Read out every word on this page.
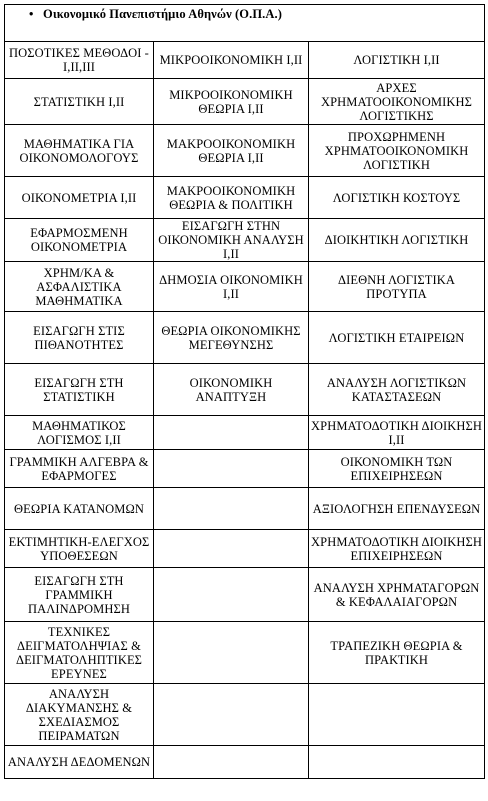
• Οικονομικό Πανεπιστήμιο Αθηνών (Ο.Π.Α.)		
ΠΟΣΟΤΙΚΕΣ ΜΕΘΟΔΟΙ - Ι,ΙΙ,ΙΙΙ	ΜΙΚΡΟΟΙΚΟΝΟΜΙΚΗ Ι,ΙΙ	ΛΟΓΙΣΤΙΚΗ Ι,ΙΙ
ΣΤΑΤΙΣΤΙΚΗ Ι,ΙΙ	ΜΙΚΡΟΟΙΚΟΝΟΜΙΚΗ ΘΕΩΡΙΑ Ι,ΙΙ	ΑΡΧΕΣ ΧΡΗΜΑΤΟΟΙΚΟΝΟΜΙΚΗΣ ΛΟΓΙΣΤΙΚΗΣ
ΜΑΘΗΜΑΤΙΚΑ ΓΙΑ ΟΙΚΟΝΟΜΟΛΟΓΟΥΣ	ΜΑΚΡΟΟΙΚΟΝΟΜΙΚΗ ΘΕΩΡΙΑ Ι,ΙΙ	ΠΡΟΧΩΡΗΜΕΝΗ ΧΡΗΜΑΤΟΟΙΚΟΝΟΜΙΚΗ ΛΟΓΙΣΤΙΚΗ
ΟΙΚΟΝΟΜΕΤΡΙΑ Ι,ΙΙ	ΜΑΚΡΟΟΙΚΟΝΟΜΙΚΗ ΘΕΩΡΙΑ & ΠΟΛΙΤΙΚΗ	ΛΟΓΙΣΤΙΚΗ ΚΟΣΤΟΥΣ
ΕΦΑΡΜΟΣΜΕΝΗ ΟΙΚΟΝΟΜΕΤΡΙΑ	ΕΙΣΑΓΩΓΗ ΣΤΗΝ ΟΙΚΟΝΟΜΙΚΗ ΑΝΑΛΥΣΗ Ι,ΙΙ	ΔΙΟΙΚΗΤΙΚΗ ΛΟΓΙΣΤΙΚΗ
ΧΡΗΜ/ΚΑ & ΑΣΦΑΛΙΣΤΙΚΑ ΜΑΘΗΜΑΤΙΚΑ	ΔΗΜΟΣΙΑ ΟΙΚΟΝΟΜΙΚΗ Ι,ΙΙ	ΔΙΕΘΝΗ ΛΟΓΙΣΤΙΚΑ ΠΡΟΤΥΠΑ
ΕΙΣΑΓΩΓΗ ΣΤΙΣ ΠΙΘΑΝΟΤΗΤΕΣ	ΘΕΩΡΙΑ ΟΙΚΟΝΟΜΙΚΗΣ ΜΕΓΕΘΥΝΣΗΣ	ΛΟΓΙΣΤΙΚΗ ΕΤΑΙΡΕΙΩΝ
ΕΙΣΑΓΩΓΗ ΣΤΗ ΣΤΑΤΙΣΤΙΚΗ	ΟΙΚΟΝΟΜΙΚΗ ΑΝΑΠΤΥΞΗ	ΑΝΑΛΥΣΗ ΛΟΓΙΣΤΙΚΩΝ ΚΑΤΑΣΤΑΣΕΩΝ
ΜΑΘΗΜΑΤΙΚΟΣ ΛΟΓΙΣΜΟΣ Ι,ΙΙ		ΧΡΗΜΑΤΟΔΟΤΙΚΗ ΔΙΟΙΚΗΣΗ Ι,ΙΙ
ΓΡΑΜΜΙΚΗ ΑΛΓΕΒΡΑ & ΕΦΑΡΜΟΓΕΣ		ΟΙΚΟΝΟΜΙΚΗ ΤΩΝ ΕΠΙΧΕΙΡΗΣΕΩΝ
ΘΕΩΡΙΑ ΚΑΤΑΝΟΜΩΝ		ΑΞΙΟΛΟΓΗΣΗ ΕΠΕΝΔΥΣΕΩΝ
ΕΚΤΙΜΗΤΙΚΗ-ΕΛΕΓΧΟΣ ΥΠΟΘΕΣΕΩΝ		ΧΡΗΜΑΤΟΔΟΤΙΚΗ ΔΙΟΙΚΗΣΗ ΕΠΙΧΕΙΡΗΣΕΩΝ
ΕΙΣΑΓΩΓΗ ΣΤΗ ΓΡΑΜΜΙΚΗ ΠΑΛΙΝΔΡΟΜΗΣΗ		ΑΝΑΛΥΣΗ ΧΡΗΜΑΤΑΓΟΡΩΝ & ΚΕΦΑΛΑΙΑΓΟΡΩΝ
ΤΕΧΝΙΚΕΣ ΔΕΙΓΜΑΤΟΛΗΨΙΑΣ & ΔΕΙΓΜΑΤΟΛΗΠΤΙΚΕΣ ΕΡΕΥΝΕΣ		ΤΡΑΠΕΖΙΚΗ ΘΕΩΡΙΑ & ΠΡΑΚΤΙΚΗ
ΑΝΑΛΥΣΗ ΔΙΑΚΥΜΑΝΣΗΣ & ΣΧΕΔΙΑΣΜΟΣ ΠΕΙΡΑΜΑΤΩΝ		
ΑΝΑΛΥΣΗ ΔΕΔΟΜΕΝΩΝ		
